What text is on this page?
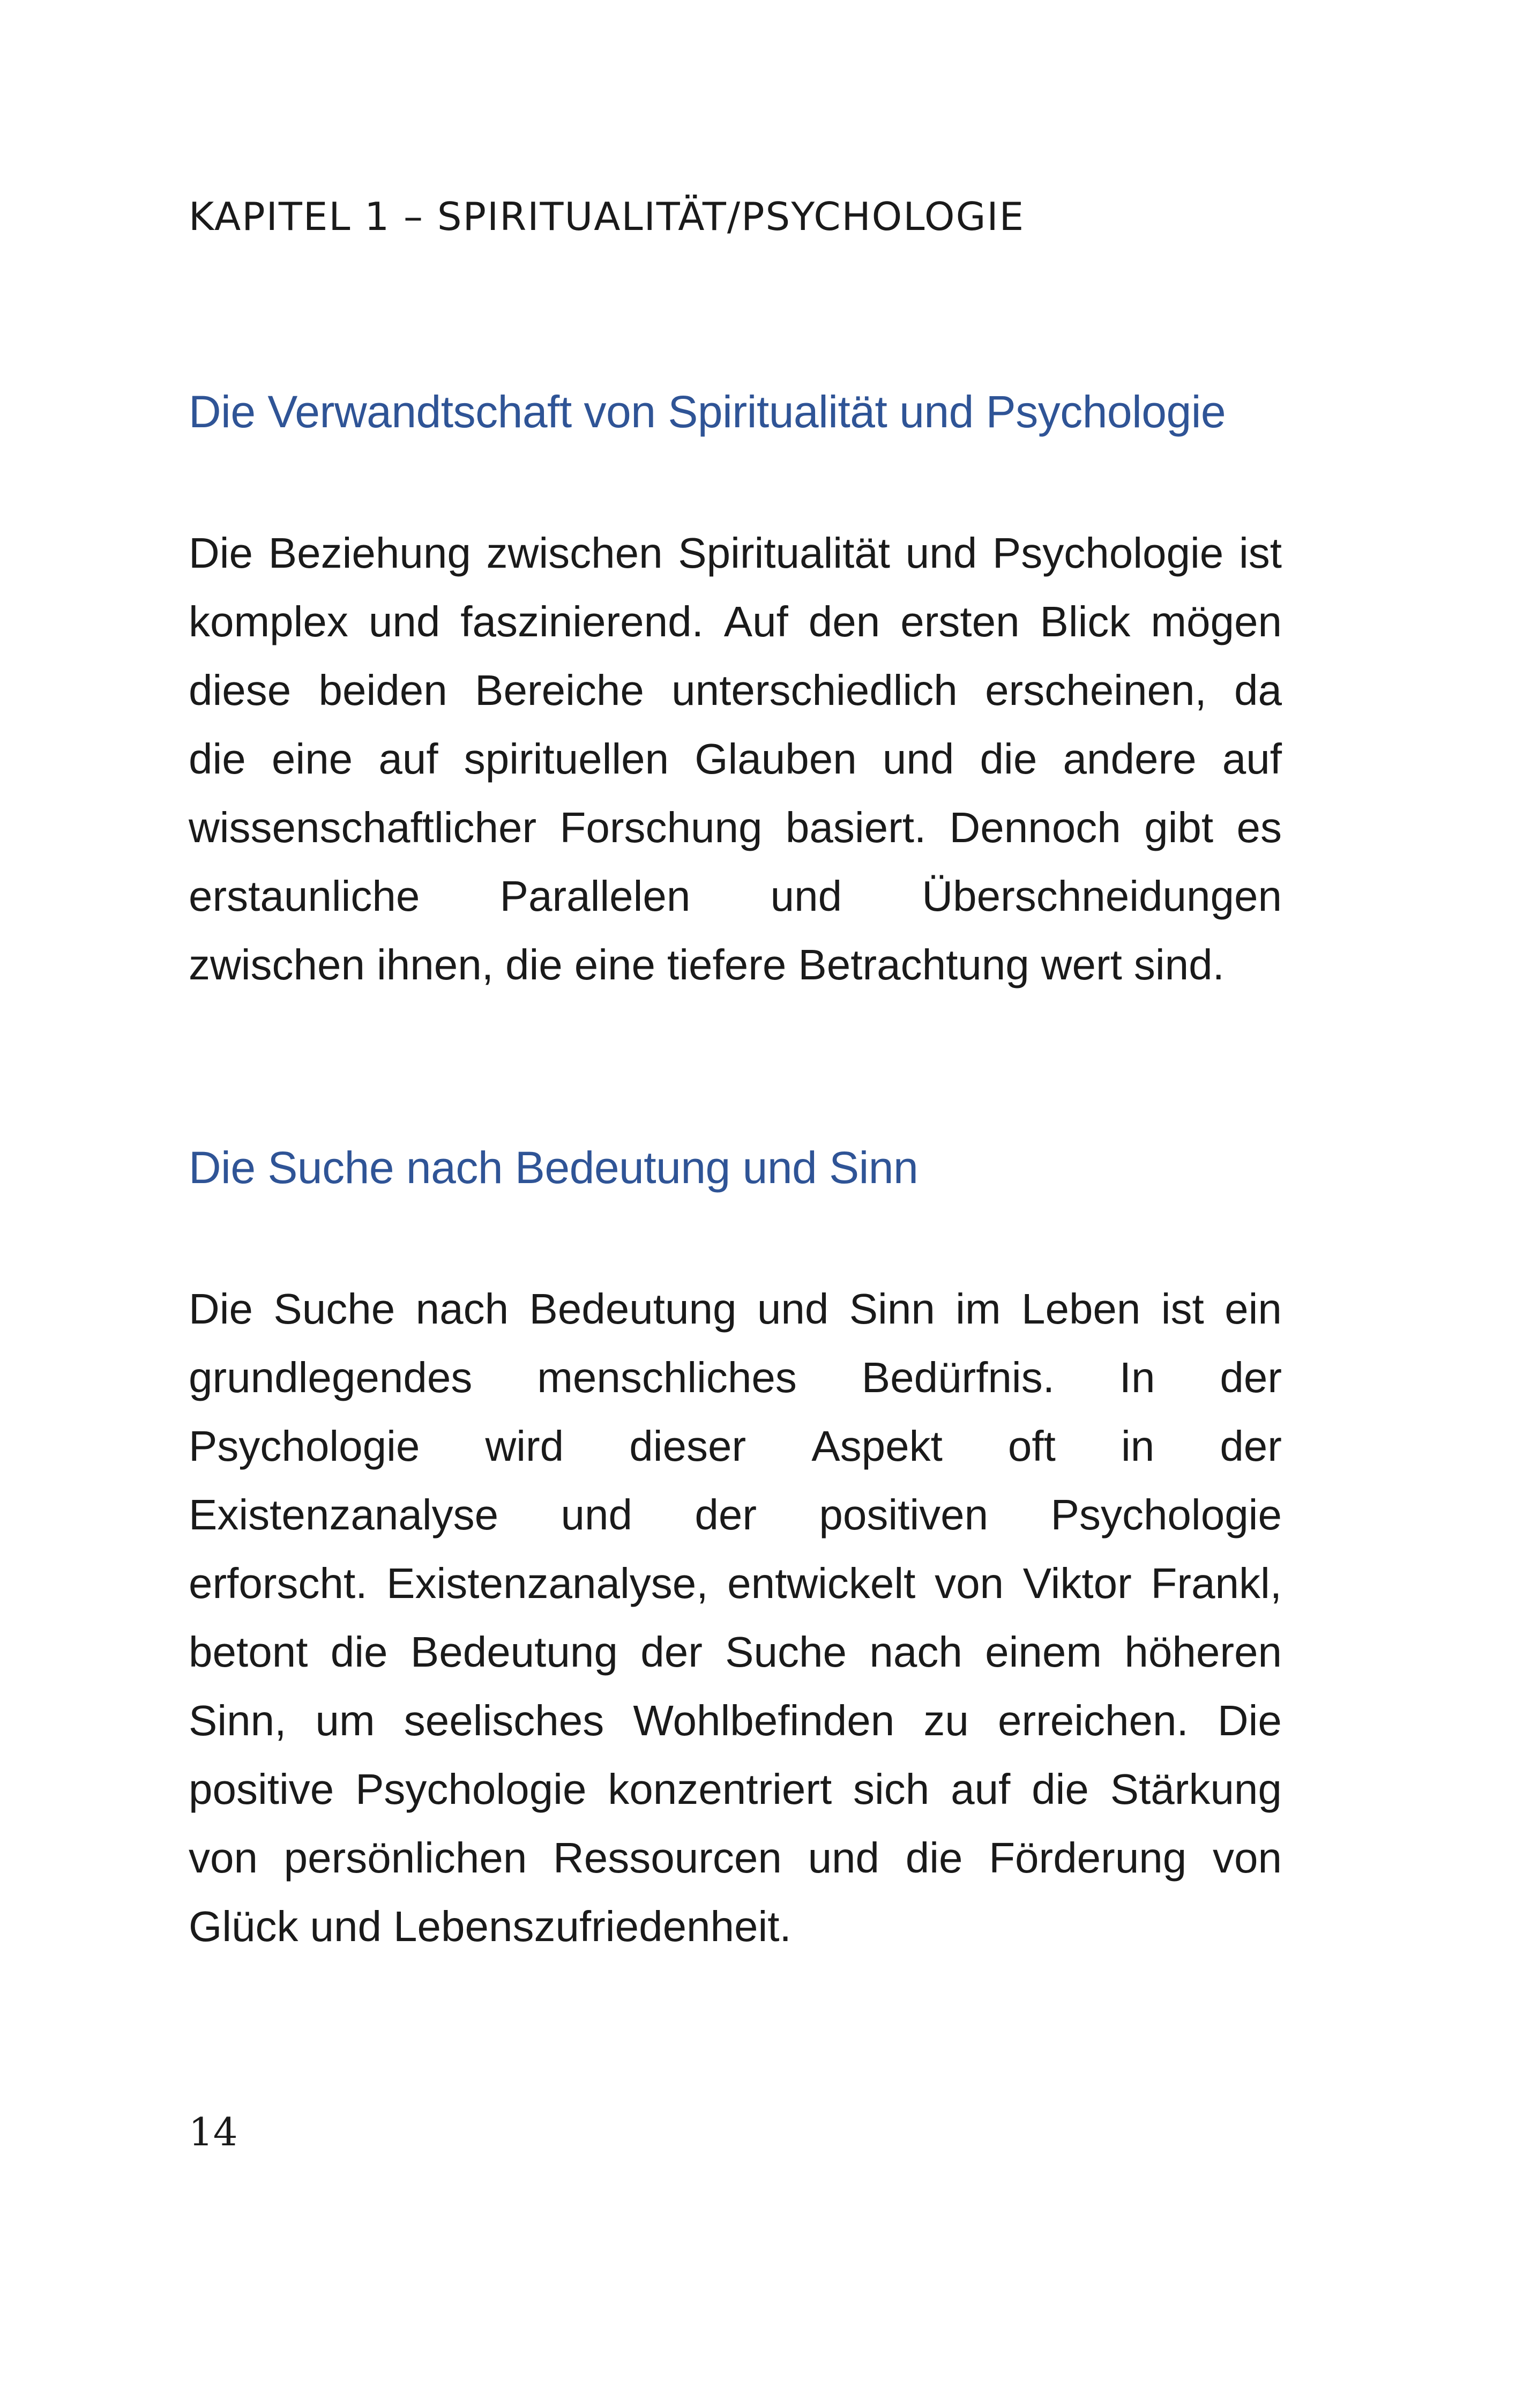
KAPITEL 1 – SPIRITUALITÄT/PSYCHOLOGIE
Die Verwandtschaft von Spiritualität und Psychologie
Die Beziehung zwischen Spiritualität und Psychologie ist
komplex und faszinierend. Auf den ersten Blick mögen
diese beiden Bereiche unterschiedlich erscheinen, da
die eine auf spirituellen Glauben und die andere auf
wissenschaftlicher Forschung basiert. Dennoch gibt es
erstaunliche Parallelen und Überschneidungen
zwischen ihnen, die eine tiefere Betrachtung wert sind.
Die Suche nach Bedeutung und Sinn
Die Suche nach Bedeutung und Sinn im Leben ist ein
grundlegendes menschliches Bedürfnis. In der
Psychologie wird dieser Aspekt oft in der
Existenzanalyse und der positiven Psychologie
erforscht. Existenzanalyse, entwickelt von Viktor Frankl,
betont die Bedeutung der Suche nach einem höheren
Sinn, um seelisches Wohlbefinden zu erreichen. Die
positive Psychologie konzentriert sich auf die Stärkung
von persönlichen Ressourcen und die Förderung von
Glück und Lebenszufriedenheit.
14
